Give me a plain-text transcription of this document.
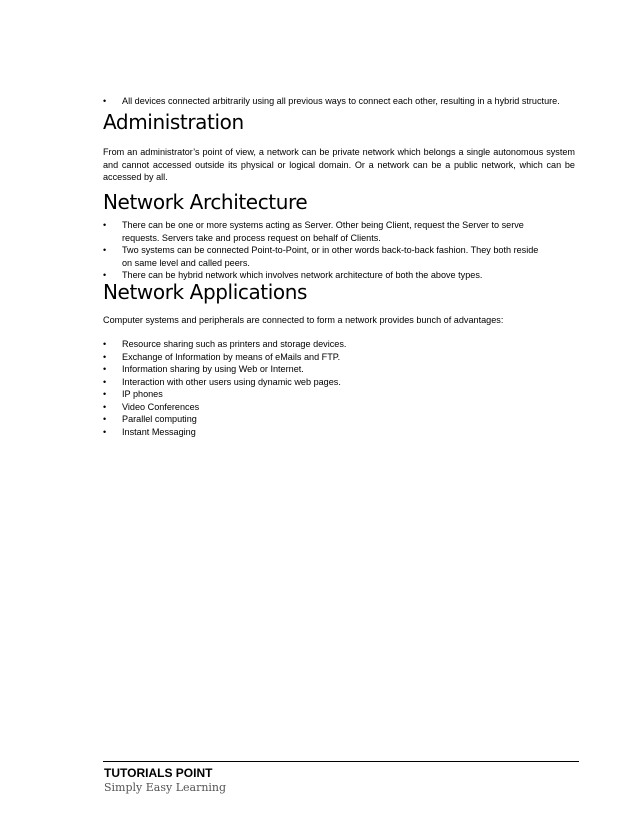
• All devices connected arbitrarily using all previous ways to connect each other, resulting in a hybrid structure.
Administration

From an administrator’s point of view, a network can be private network which belongs a single autonomous system and cannot accessed outside its physical or logical domain. Or a network can be a public network, which can be accessed by all.

Network Architecture
• There can be one or more systems acting as Server. Other being Client, request the Server to serve requests. Servers take and process request on behalf of Clients.
• Two systems can be connected Point-to-Point, or in other words back-to-back fashion. They both reside on same level and called peers.
• There can be hybrid network which involves network architecture of both the above types.
Network Applications

Computer systems and peripherals are connected to form a network provides bunch of advantages:

• Resource sharing such as printers and storage devices.
• Exchange of Information by means of eMails and FTP.
• Information sharing by using Web or Internet.
• Interaction with other users using dynamic web pages.
• IP phones
• Video Conferences
• Parallel computing
• Instant Messaging
TUTORIALS POINT
Simply Easy Learning
